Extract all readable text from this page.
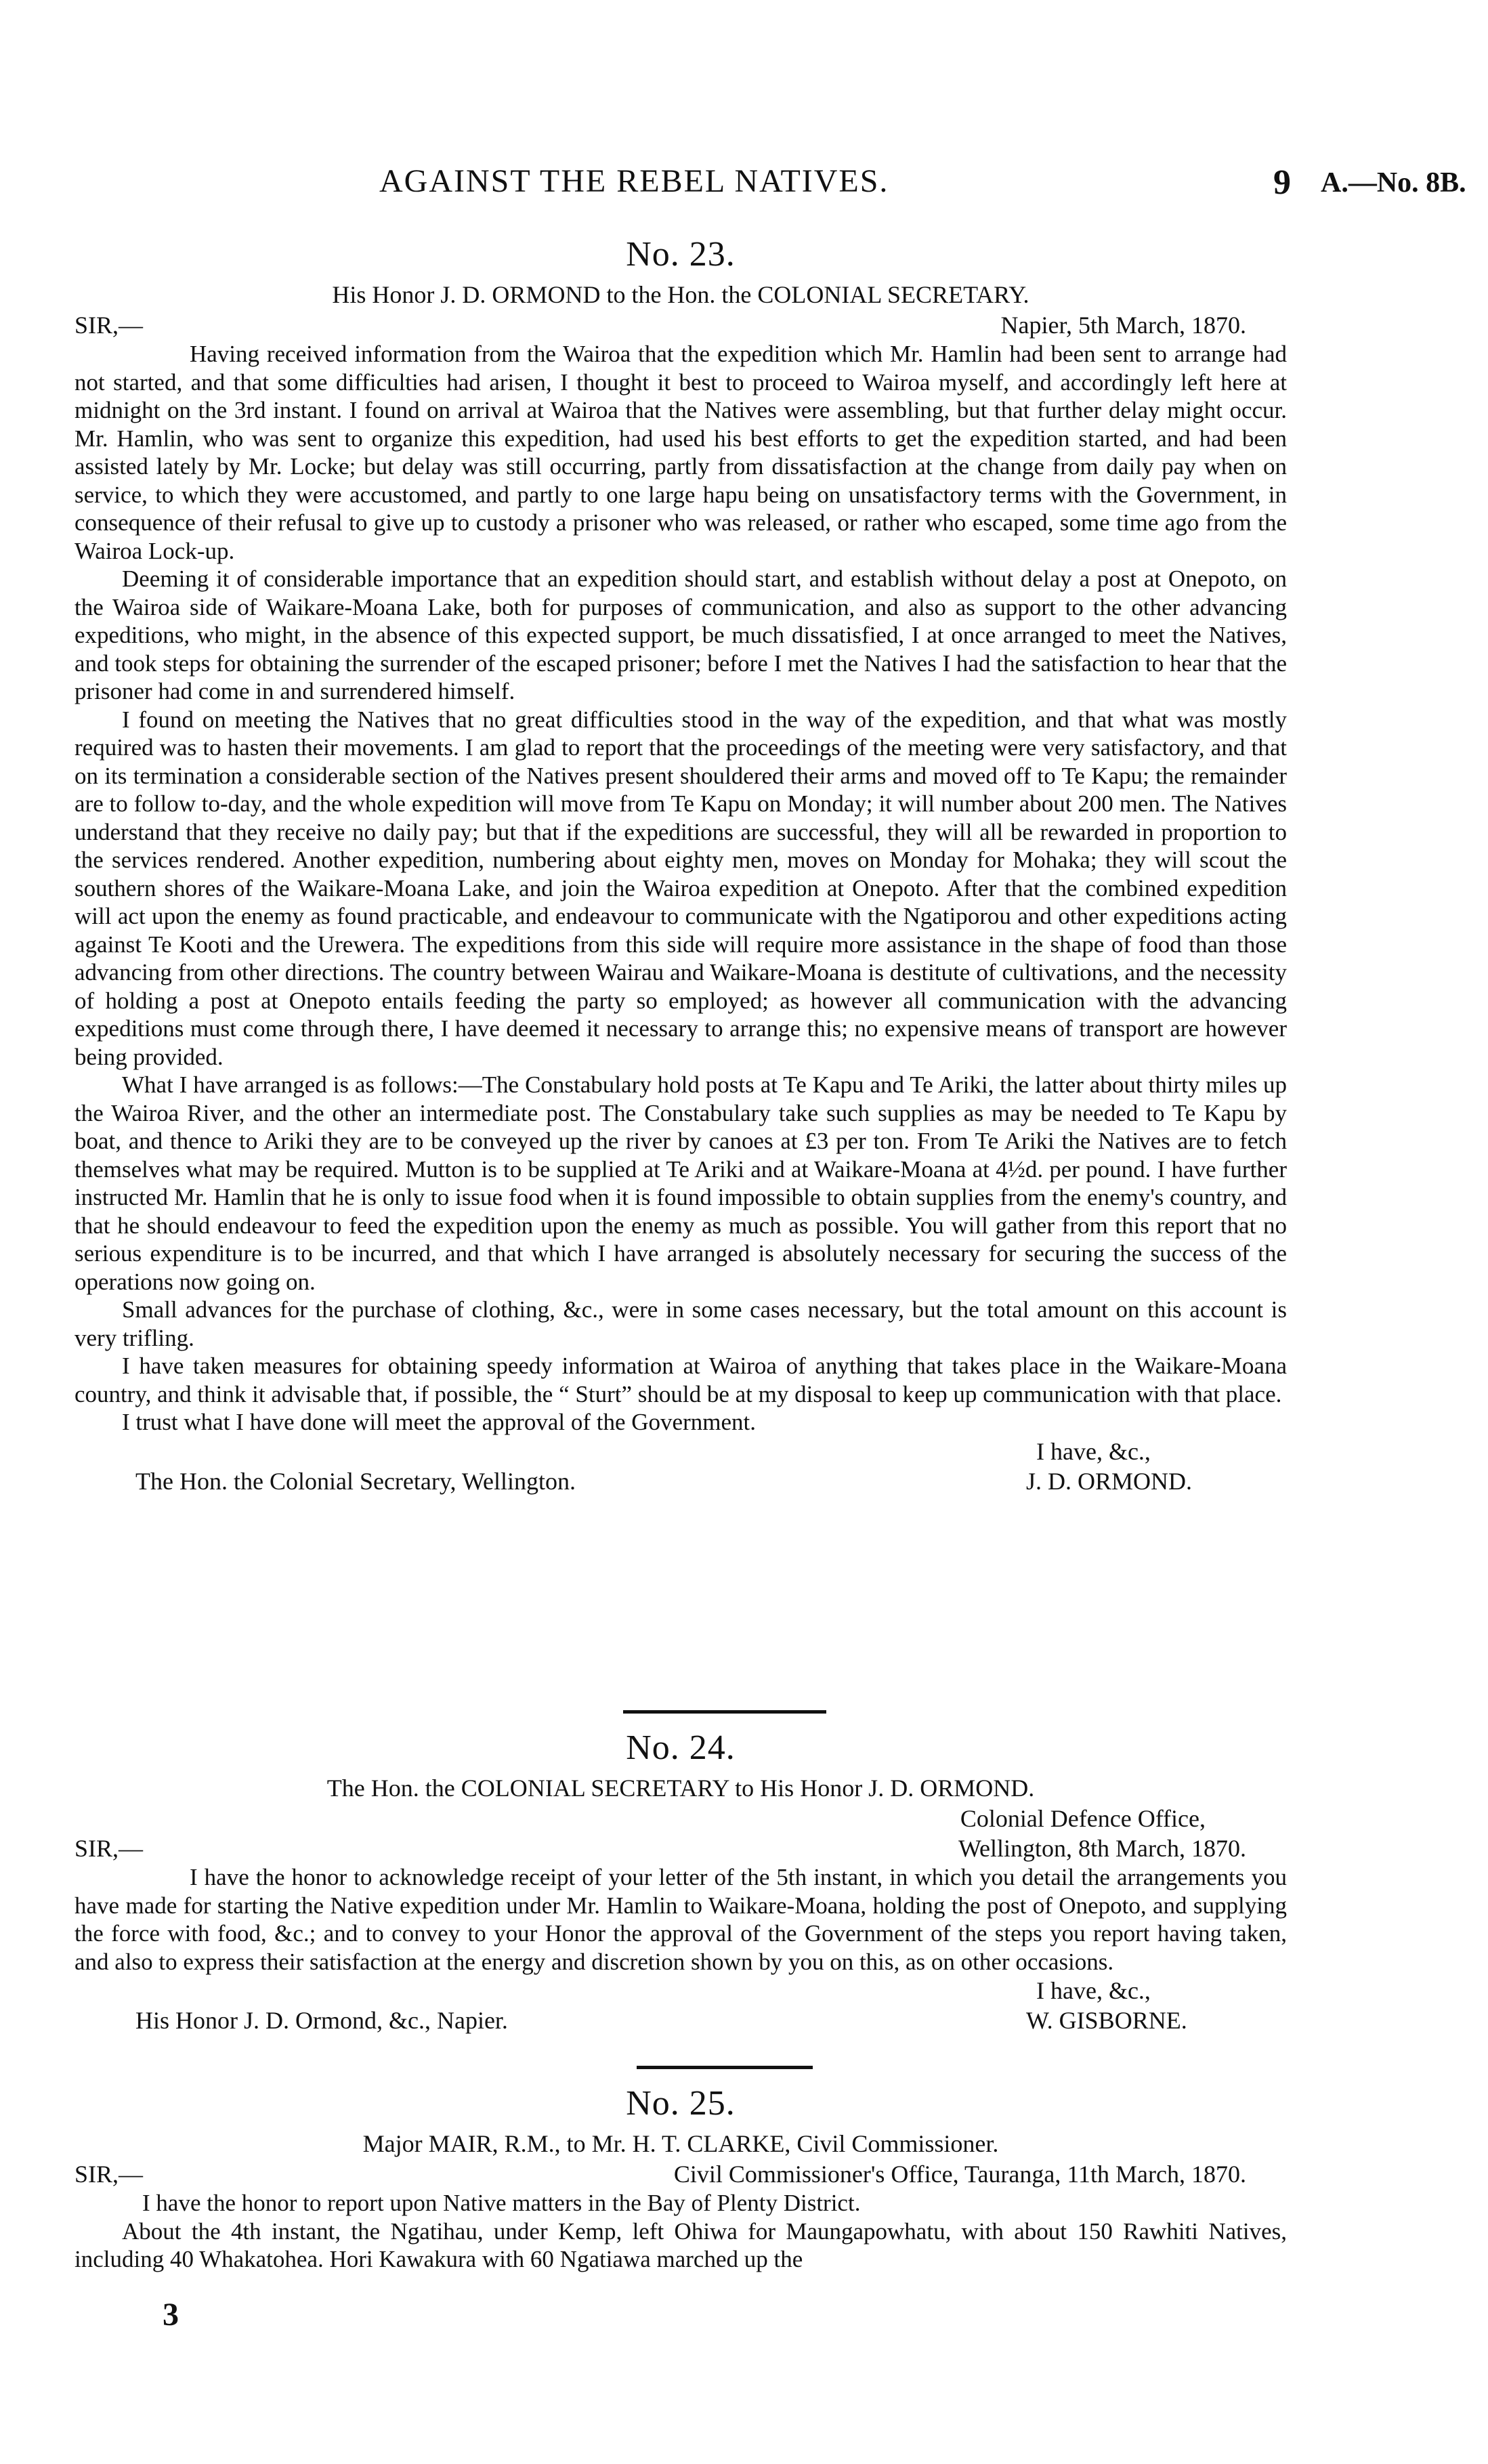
AGAINST THE REBEL NATIVES.	9 A.—No. 8B.
No. 23.
His Honor J. D. ORMOND to the Hon. the COLONIAL SECRETARY.
SIR,—	Napier, 5th March, 1870.

Having received information from the Wairoa that the expedition which Mr. Hamlin had been sent to arrange had not started, and that some difficulties had arisen, I thought it best to proceed to Wairoa myself, and accordingly left here at midnight on the 3rd instant. I found on arrival at Wairoa that the Natives were assembling, but that further delay might occur. Mr. Hamlin, who was sent to organize this expedition, had used his best efforts to get the expedition started, and had been assisted lately by Mr. Locke; but delay was still occurring, partly from dissatisfaction at the change from daily pay when on service, to which they were accustomed, and partly to one large hapu being on unsatisfactory terms with the Government, in consequence of their refusal to give up to custody a prisoner who was released, or rather who escaped, some time ago from the Wairoa Lock-up.

Deeming it of considerable importance that an expedition should start, and establish without delay a post at Onepoto, on the Wairoa side of Waikare-Moana Lake, both for purposes of communication, and also as support to the other advancing expeditions, who might, in the absence of this expected support, be much dissatisfied, I at once arranged to meet the Natives, and took steps for obtaining the surrender of the escaped prisoner; before I met the Natives I had the satisfaction to hear that the prisoner had come in and surrendered himself.

I found on meeting the Natives that no great difficulties stood in the way of the expedition, and that what was mostly required was to hasten their movements. I am glad to report that the proceedings of the meeting were very satisfactory, and that on its termination a considerable section of the Natives present shouldered their arms and moved off to Te Kapu; the remainder are to follow to-day, and the whole expedition will move from Te Kapu on Monday; it will number about 200 men. The Natives understand that they receive no daily pay; but that if the expeditions are successful, they will all be rewarded in proportion to the services rendered. Another expedition, numbering about eighty men, moves on Monday for Mohaka; they will scout the southern shores of the Waikare-Moana Lake, and join the Wairoa expedition at Onepoto. After that the combined expedition will act upon the enemy as found practicable, and endeavour to communicate with the Ngatiporou and other expeditions acting against Te Kooti and the Urewera. The expeditions from this side will require more assistance in the shape of food than those advancing from other directions. The country between Wairau and Waikare-Moana is destitute of cultivations, and the necessity of holding a post at Onepoto entails feeding the party so employed; as however all communication with the advancing expeditions must come through there, I have deemed it necessary to arrange this; no expensive means of transport are however being provided.

What I have arranged is as follows:—The Constabulary hold posts at Te Kapu and Te Ariki, the latter about thirty miles up the Wairoa River, and the other an intermediate post. The Constabulary take such supplies as may be needed to Te Kapu by boat, and thence to Ariki they are to be conveyed up the river by canoes at £3 per ton. From Te Ariki the Natives are to fetch themselves what may be required. Mutton is to be supplied at Te Ariki and at Waikare-Moana at 4½d. per pound. I have further instructed Mr. Hamlin that he is only to issue food when it is found impossible to obtain supplies from the enemy's country, and that he should endeavour to feed the expedition upon the enemy as much as possible. You will gather from this report that no serious expenditure is to be incurred, and that which I have arranged is absolutely necessary for securing the success of the operations now going on.

Small advances for the purchase of clothing, &c., were in some cases necessary, but the total amount on this account is very trifling.

I have taken measures for obtaining speedy information at Wairoa of anything that takes place in the Waikare-Moana country, and think it advisable that, if possible, the “ Sturt” should be at my disposal to keep up communication with that place.

I trust what I have done will meet the approval of the Government.

I have, &c.,
The Hon. the Colonial Secretary, Wellington.	J. D. ORMOND.
No. 24.
The Hon. the COLONIAL SECRETARY to His Honor J. D. ORMOND.
Colonial Defence Office,
SIR,—	Wellington, 8th March, 1870.

I have the honor to acknowledge receipt of your letter of the 5th instant, in which you detail the arrangements you have made for starting the Native expedition under Mr. Hamlin to Waikare-Moana, holding the post of Onepoto, and supplying the force with food, &c.; and to convey to your Honor the approval of the Government of the steps you report having taken, and also to express their satisfaction at the energy and discretion shown by you on this, as on other occasions.

I have, &c.,
His Honor J. D. Ormond, &c., Napier.	W. GISBORNE.
No. 25.
Major MAIR, R.M., to Mr. H. T. CLARKE, Civil Commissioner.
SIR,—	Civil Commissioner's Office, Tauranga, 11th March, 1870.

I have the honor to report upon Native matters in the Bay of Plenty District.

About the 4th instant, the Ngatihau, under Kemp, left Ohiwa for Maungapowhatu, with about 150 Rawhiti Natives, including 40 Whakatohea. Hori Kawakura with 60 Ngatiawa marched up the

3
